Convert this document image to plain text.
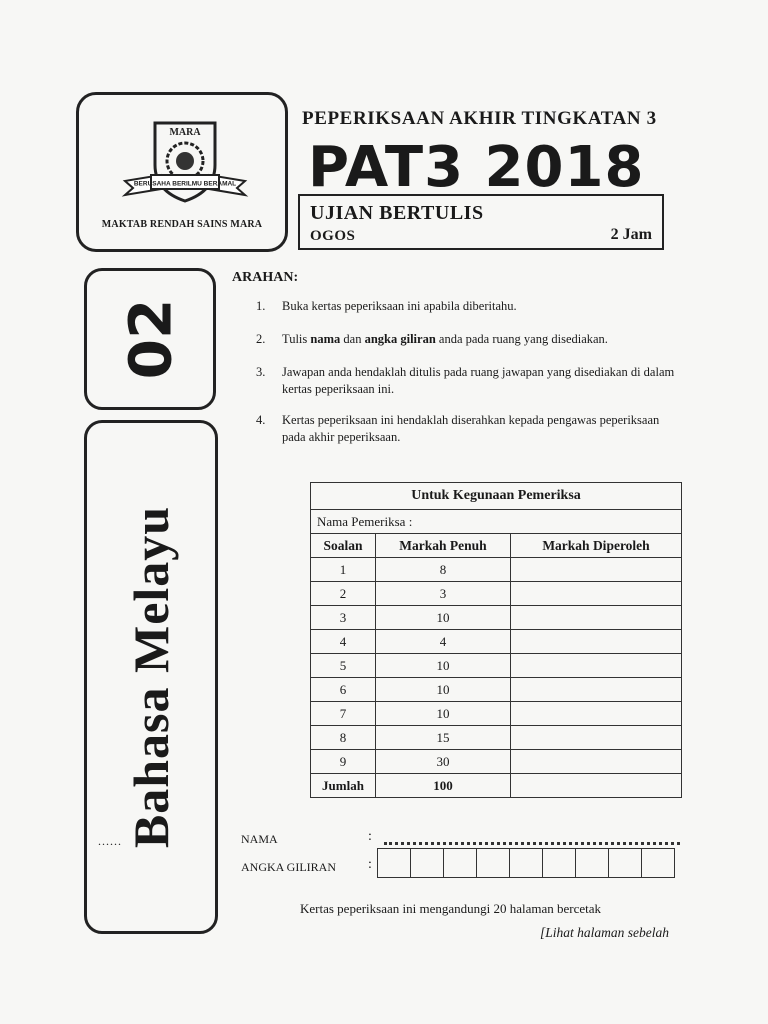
MARA
BERUSAHA BERILMU BERAMAL
MAKTAB RENDAH SAINS MARA
PEPERIKSAAN AKHIR TINGKATAN 3
PAT3 2018
UJIAN BERTULIS
OGOS	2 Jam
02
Bahasa Melayu
ARAHAN:
1. Buka kertas peperiksaan ini apabila diberitahu.
2. Tulis nama dan angka giliran anda pada ruang yang disediakan.
3. Jawapan anda hendaklah ditulis pada ruang jawapan yang disediakan di dalam kertas peperiksaan ini.
4. Kertas peperiksaan ini hendaklah diserahkan kepada pengawas peperiksaan pada akhir peperiksaan.
Untuk Kegunaan Pemeriksa		
Nama Pemeriksa :		
Soalan	Markah Penuh	Markah Diperoleh
1	8	
2	3	
3	10	
4	4	
5	10	
6	10	
7	10	
8	15	
9	30	
Jumlah	100	
......	NAMA	:
ANGKA GILIRAN :
Kertas peperiksaan ini mengandungi 20 halaman bercetak
[Lihat halaman sebelah
